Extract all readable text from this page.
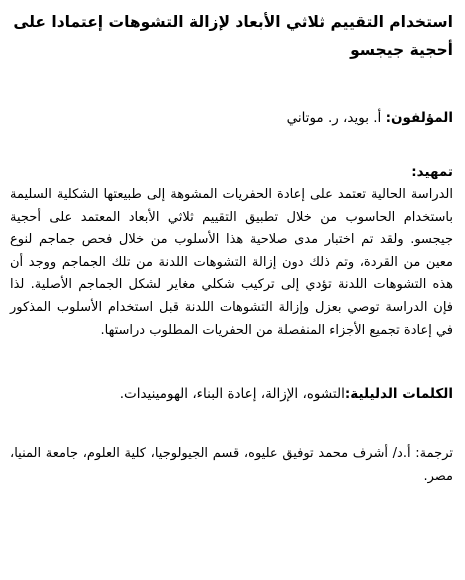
استخدام التقييم ثلاثي الأبعاد لإزالة التشوهات إعتمادا على أحجية جيجسو
المؤلفون: أ. بويد، ر. موتاني
تمهيد:
الدراسة الحالية تعتمد على إعادة الحفريات المشوهة إلى طبيعتها الشكلية السليمة باستخدام الحاسوب من خلال تطبيق التقييم ثلاثي الأبعاد المعتمد على أحجية جيجسو. ولقد تم اختبار مدى صلاحية هذا الأسلوب من خلال فحص جماجم لنوع معين من القردة، وتم ذلك دون إزالة التشوهات اللدنة من تلك الجماجم ووجد أن هذه التشوهات اللدنة تؤدي إلى تركيب شكلي مغاير لشكل الجماجم الأصلية. لذا فإن الدراسة توصي بعزل وإزالة التشوهات اللدنة قبل استخدام الأسلوب المذكور في إعادة تجميع الأجزاء المنفصلة من الحفريات المطلوب دراستها.
الكلمات الدليلية:التشوه، الإزالة، إعادة البناء، الهومينيدات.
ترجمة: أ.د/ أشرف محمد توفيق عليوه، قسم الجيولوجيا، كلية العلوم، جامعة المنيا، مصر.
